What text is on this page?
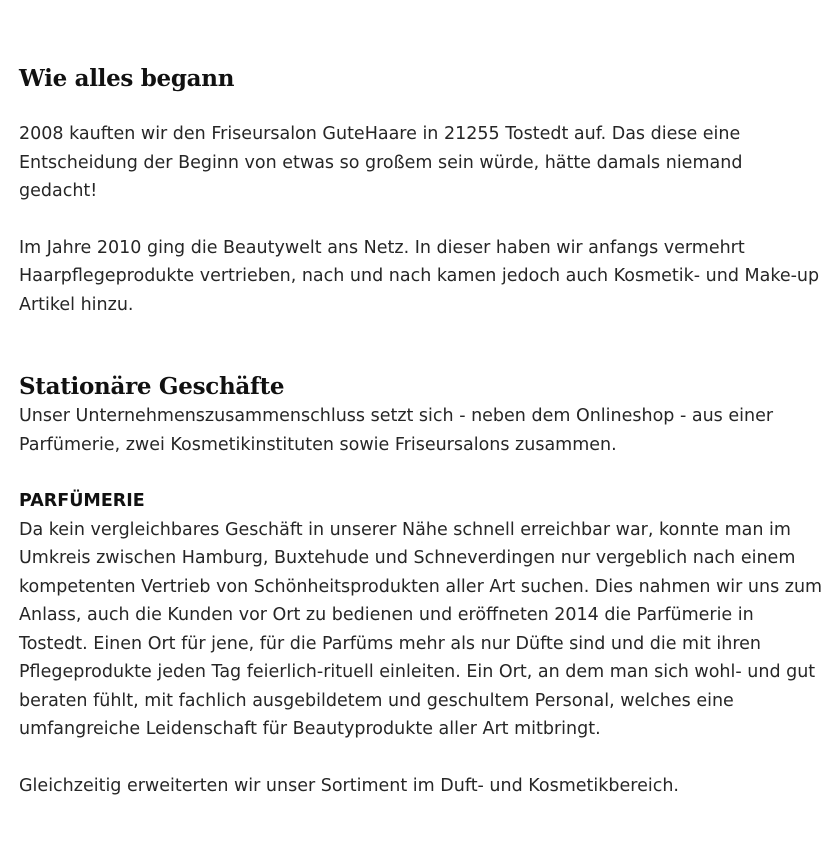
Wie alles begann

2008 kauften wir den Friseursalon GuteHaare in 21255 Tostedt auf. Das diese eine Entscheidung der Beginn von etwas so großem sein würde, hätte damals niemand gedacht!

Im Jahre 2010 ging die Beautywelt ans Netz. In dieser haben wir anfangs vermehrt Haarpflegeprodukte vertrieben, nach und nach kamen jedoch auch Kosmetik- und Make-up Artikel hinzu.

Stationäre Geschäfte

Unser Unternehmenszusammenschluss setzt sich - neben dem Onlineshop - aus einer Parfümerie, zwei Kosmetikinstituten sowie Friseursalons zusammen.

PARFÜMERIE

Da kein vergleichbares Geschäft in unserer Nähe schnell erreichbar war, konnte man im Umkreis zwischen Hamburg, Buxtehude und Schneverdingen nur vergeblich nach einem kompetenten Vertrieb von Schönheitsprodukten aller Art suchen. Dies nahmen wir uns zum Anlass, auch die Kunden vor Ort zu bedienen und eröffneten 2014 die Parfümerie in Tostedt. Einen Ort für jene, für die Parfüms mehr als nur Düfte sind und die mit ihren Pflegeprodukte jeden Tag feierlich-rituell einleiten. Ein Ort, an dem man sich wohl- und gut beraten fühlt, mit fachlich ausgebildetem und geschultem Personal, welches eine umfangreiche Leidenschaft für Beautyprodukte aller Art mitbringt.

Gleichzeitig erweiterten wir unser Sortiment im Duft- und Kosmetikbereich.
